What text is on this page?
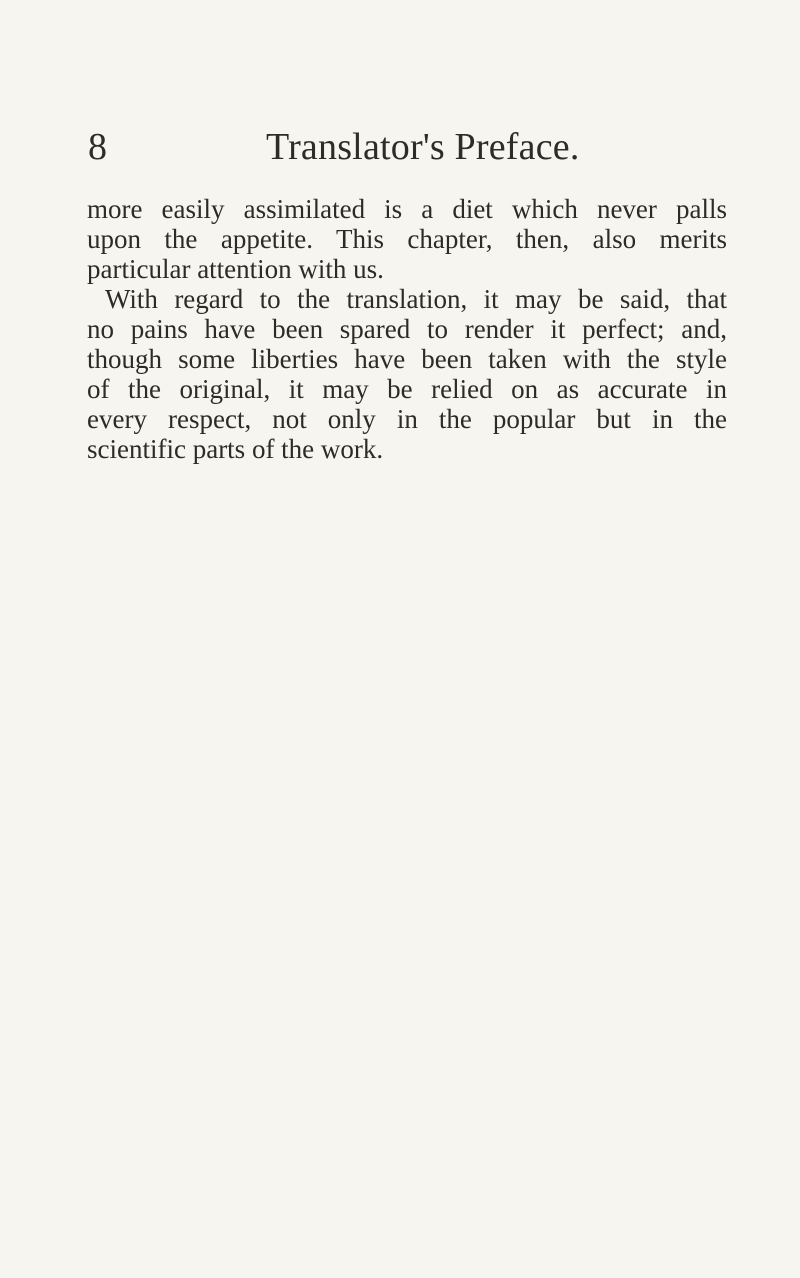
8	Translator's Preface.
more easily assimilated is a diet which never palls
upon the appetite. This chapter, then, also merits
particular attention with us.
With regard to the translation, it may be said, that
no pains have been spared to render it perfect; and,
though some liberties have been taken with the style
of the original, it may be relied on as accurate in
every respect, not only in the popular but in the
scientific parts of the work.
